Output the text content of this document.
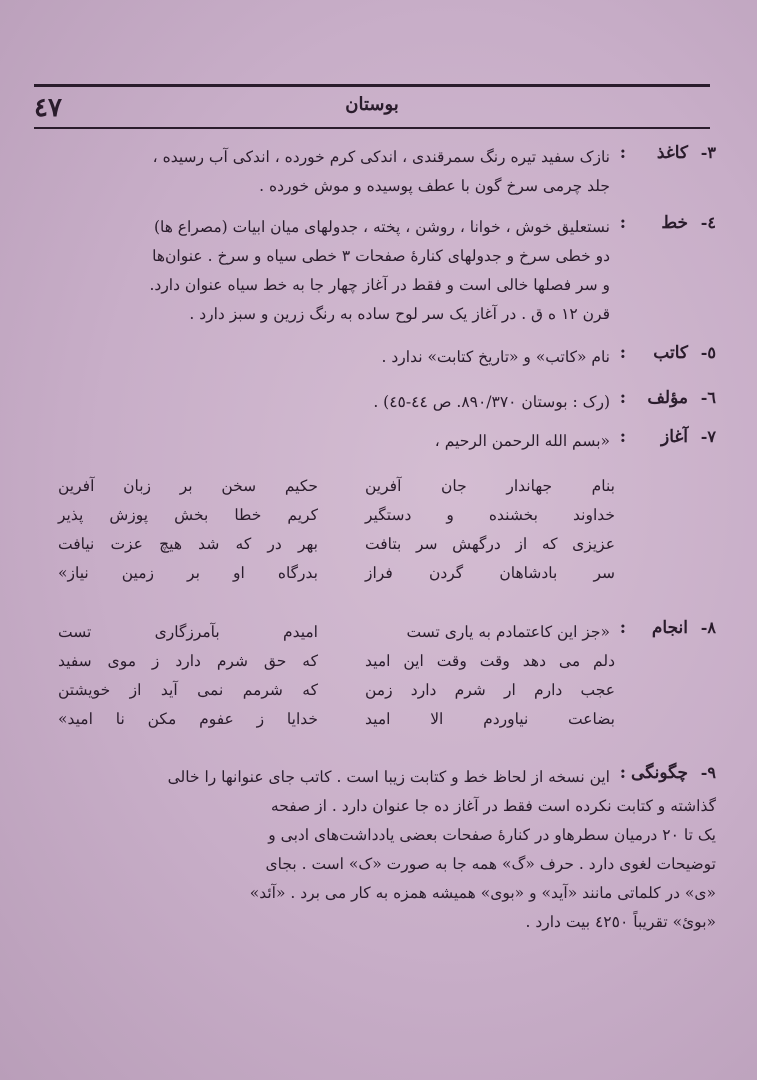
٤٧	بوستان
٣-
كاغذ
:
نازک سفید تیره رنگ سمرقندی ، اندکی کرم خورده ، اندکی آب رسیده ،
جلد چرمی سرخ گون با عطف پوسیده و موش خورده .
٤-
خط
:
نستعلیق خوش ، خوانا ، روشن ، پخته ، جدولهای میان ابیات (مصراع ها)
دو خطی سرخ و جدولهای کنارهٔ صفحات ٣ خطی سیاه و سرخ . عنوان‌ها
و سر فصلها خالی است و فقط در آغاز چهار جا به خط سیاه عنوان دارد.
قرن ١٢ ه ق . در آغاز یک سر لوح ساده به رنگ زرین و سبز دارد .
٥-
کاتب
:
نام «کاتب» و «تاریخ کتابت» ندارد .
٦-
مؤلف
:
(رک : بوستان ٨٩٠/٣٧٠. ص ٤٤-٤٥) .
٧-
آغاز
:
«بسم الله الرحمن الرحیم ،
بنام جهاندار جان آفرین
خداوند بخشنده و دستگیر
عزیزی که از درگهش سر بتافت
سر بادشاهان گردن فراز
حکیم سخن بر زبان آفرین
کریم خطا بخش پوزش پذیر
بهر در که شد هیچ عزت نیافت
بدرگاه او بر زمین نیاز»
٨-
انجام
:
«جز این کاعتمادم به یاری تست
دلم می دهد وقت وقت این امید
عجب دارم ار شرم دارد زمن
بضاعت نیاوردم الا امید
امیدم بآمرزگاری تست
که حق شرم دارد ز موی سفید
که شرمم نمی آید از خویشتن
خدایا ز عفوم مکن نا امید»
٩-
چگونگی
:
این نسخه از لحاظ خط و کتابت زیبا است . کاتب جای عنوانها را خالی
گذاشته و کتابت نکرده است فقط در آغاز ده جا عنوان دارد . از صفحه
یک تا ٢٠ درمیان سطرهاو در کنارهٔ صفحات بعضی یادداشت‌های ادبی و
توضیحات لغوی دارد . حرف «گ» همه جا به صورت «ک» است . بجای
«ی» در کلماتی مانند «آید» و «بوی» همیشه همزه به کار می برد . «آئد»
«بوئ» تقریباً ٤٢٥٠ بیت دارد .
